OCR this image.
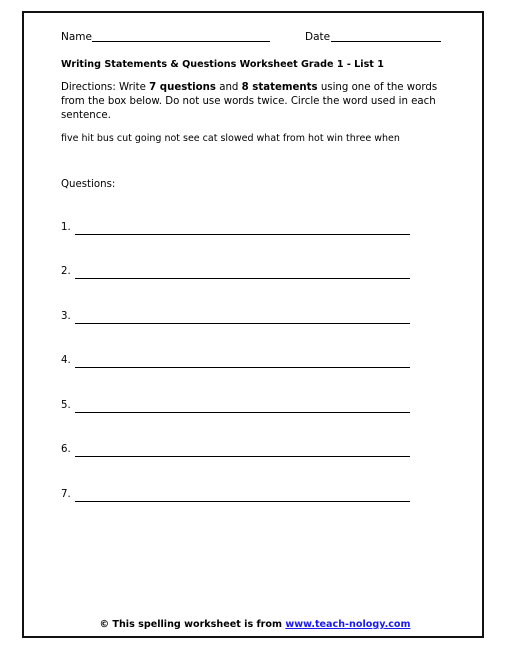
Name	Date
Writing Statements & Questions Worksheet Grade 1 - List 1
Directions: Write 7 questions and 8 statements using one of the words from the box below. Do not use words twice. Circle the word used in each sentence.
five hit bus cut going not see cat slowed what from hot win three when
Questions:
1.
2.
3.
4.
5.
6.
7.
© This spelling worksheet is from www.teach-nology.com
